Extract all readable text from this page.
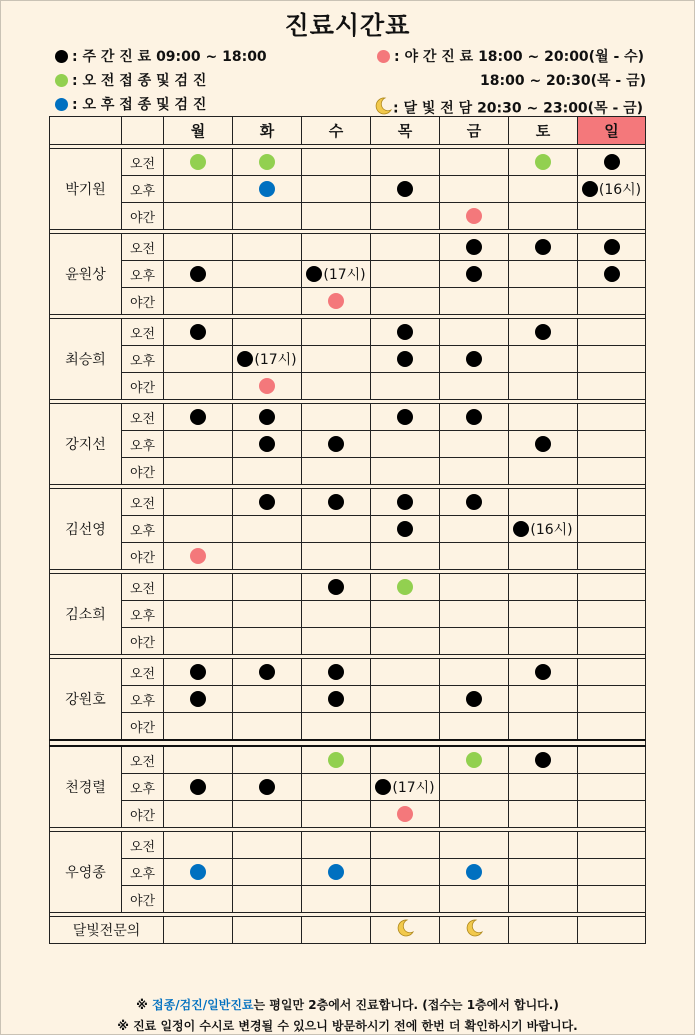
진료시간표
: 주 간 진 료 09:00 ~ 18:00
: 오 전 접 종 및 검 진
: 오 후 접 종 및 검 진
: 야 간 진 료 18:00 ~ 20:00(월 - 수)
18:00 ~ 20:30(목 - 금)
: 달 빛 전 담 20:30 ~ 23:00(목 - 금)
		월	화	수	목	금	토	일

박기원	오전	

	오후							(16시)

	야간					

윤원상	오전					

	오후			(17시)				

	야간			

최승희	오전	

	오후		(17시)					

	야간		

강지선	오전	

	오후		

	야간							

김선영	오전		

	오후						(16시)	

	야간	

김소희	오전			

	오후							
	야간							

강원호	오전	

	오후	

	야간							

천경렬	오전			

	오후				(17시)			

	야간				

우영종	오전							
	오후	

	야간							

달빛전문의							
※ 접종/검진/일반진료는 평일만 2층에서 진료합니다. (접수는 1층에서 합니다.)
※ 진료 일정이 수시로 변경될 수 있으니 방문하시기 전에 한번 더 확인하시기 바랍니다.
